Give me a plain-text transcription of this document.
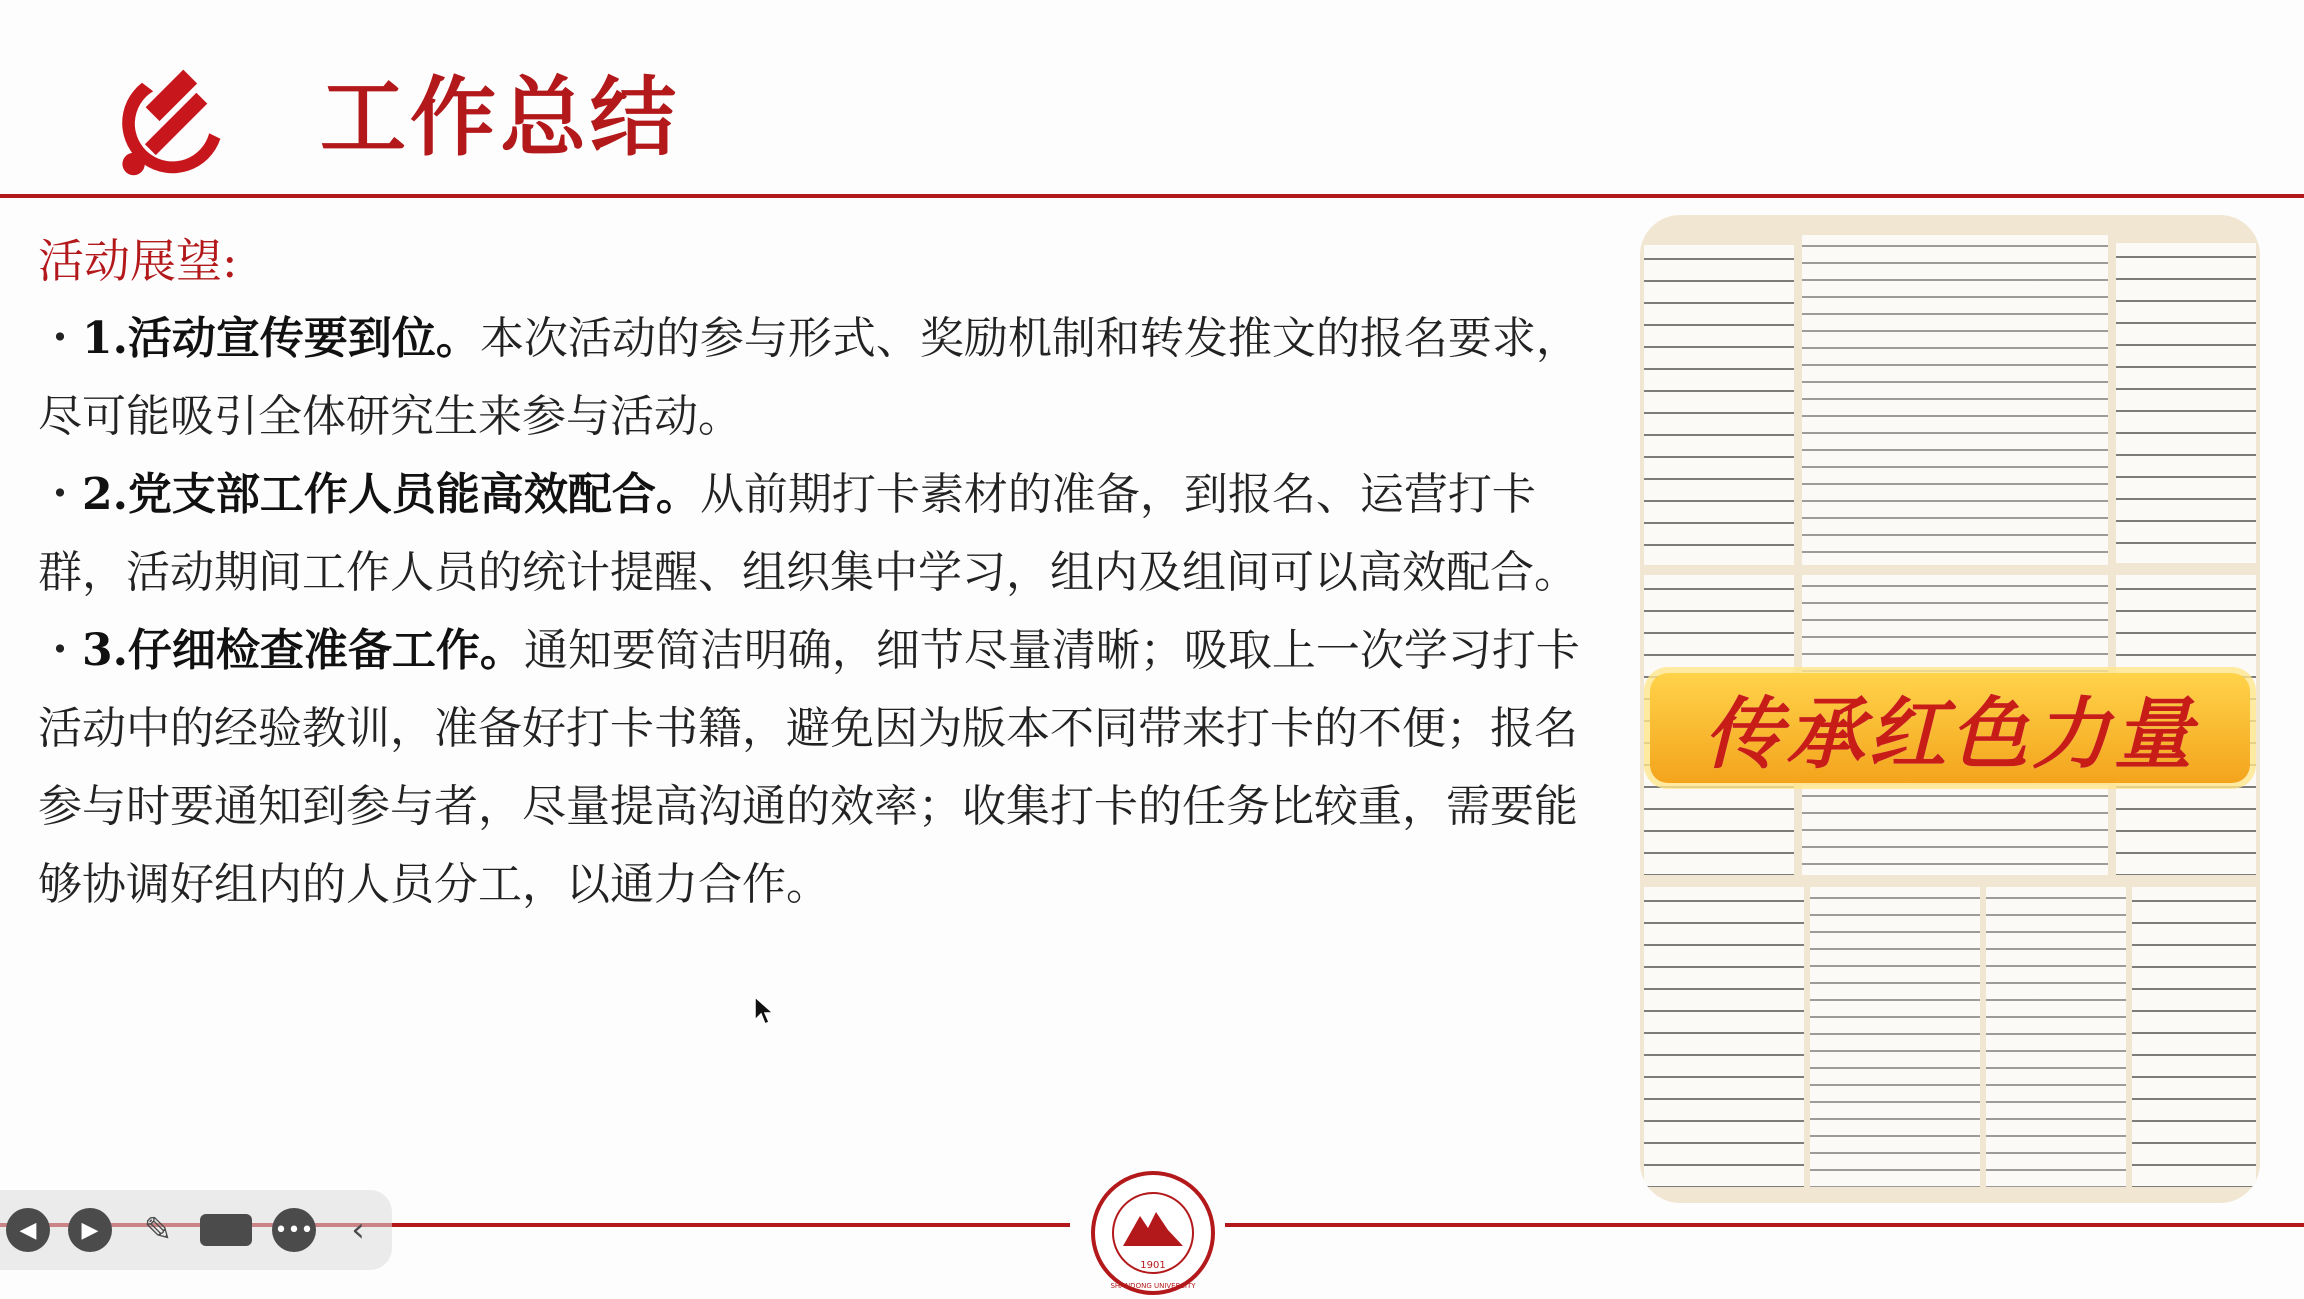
工作总结
活动展望:

・1.活动宣传要到位。本次活动的参与形式、奖励机制和转发推文的报名要求，尽可能吸引全体研究生来参与活动。

・2.党支部工作人员能高效配合。从前期打卡素材的准备，到报名、运营打卡群，活动期间工作人员的统计提醒、组织集中学习，组内及组间可以高效配合。

・3.仔细检查准备工作。通知要简洁明确，细节尽量清晰；吸取上一次学习打卡活动中的经验教训，准备好打卡书籍，避免因为版本不同带来打卡的不便；报名参与时要通知到参与者，尽量提高沟通的效率；收集打卡的任务比较重，需要能够协调好组内的人员分工，以通力合作。

传承红色力量
1901
SHANDONG UNIVERSITY
◀	▶	✎	•••	‹
